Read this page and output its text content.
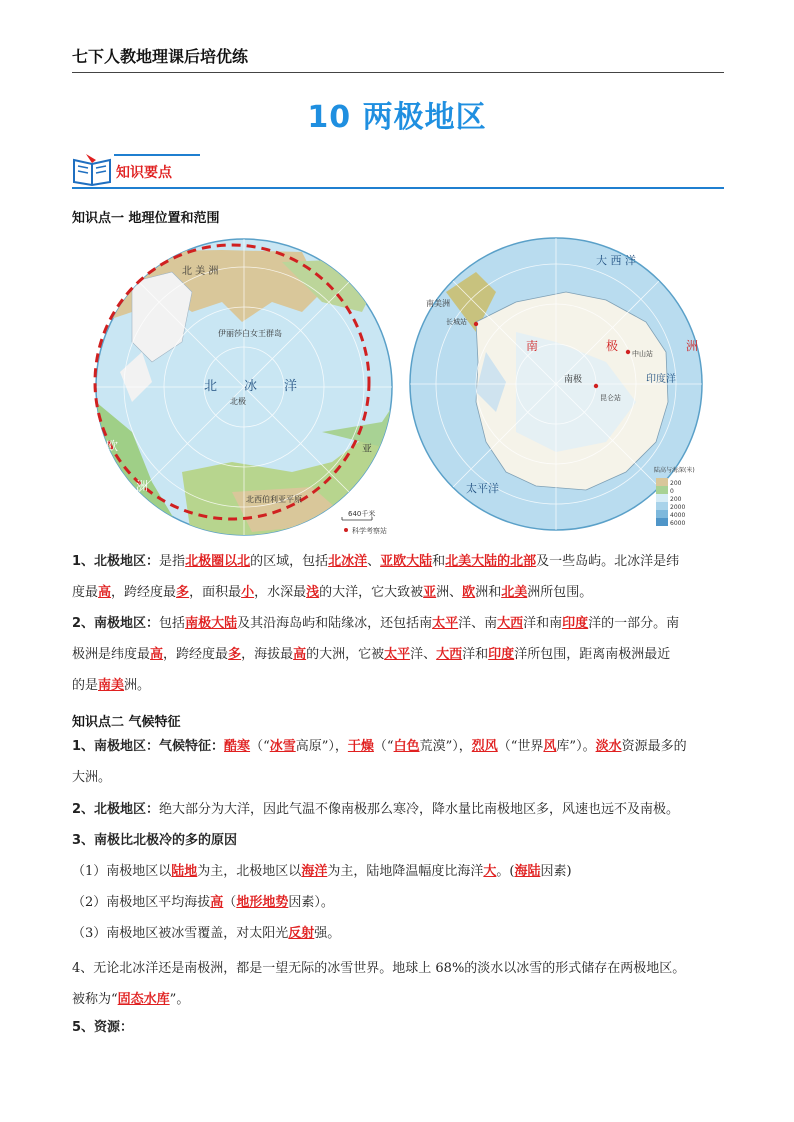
七下人教地理课后培优练
10 两极地区
知识要点
知识点一 地理位置和范围
北 美 洲
伊丽莎白女王群岛
北 冰 洋
北极
欧
洲
北西伯利亚平原
亚
640千米
科学考察站
南美洲
大 西 洋
南	极	洲
南极
太平洋
印度洋
长城站
中山站
昆仑站
陆高与海深(米)
200
0
200
2000
4000
6000
1、北极地区：是指北极圈以北的区域，包括北冰洋、亚欧大陆和北美大陆的北部及一些岛屿。北冰洋是纬
度最高，跨经度最多，面积最小，水深最浅的大洋，它大致被亚洲、欧洲和北美洲所包围。
2、南极地区：包括南极大陆及其沿海岛屿和陆缘冰，还包括南太平洋、南大西洋和南印度洋的一部分。南
极洲是纬度最高，跨经度最多，海拔最高的大洲，它被太平洋、大西洋和印度洋所包围，距离南极洲最近
的是南美洲。
知识点二 气候特征
1、南极地区：气候特征：酷寒（“冰雪高原”），干燥（“白色荒漠”），烈风（“世界风库”）。淡水资源最多的
大洲。
2、北极地区：绝大部分为大洋，因此气温不像南极那么寒冷，降水量比南极地区多，风速也远不及南极。
3、南极比北极冷的多的原因
（1）南极地区以陆地为主，北极地区以海洋为主，陆地降温幅度比海洋大。(海陆因素)
（2）南极地区平均海拔高（地形地势因素）。
（3）南极地区被冰雪覆盖，对太阳光反射强。
4、无论北冰洋还是南极洲，都是一望无际的冰雪世界。地球上 68%的淡水以冰雪的形式储存在两极地区。
被称为“固态水库”。
5、资源：
